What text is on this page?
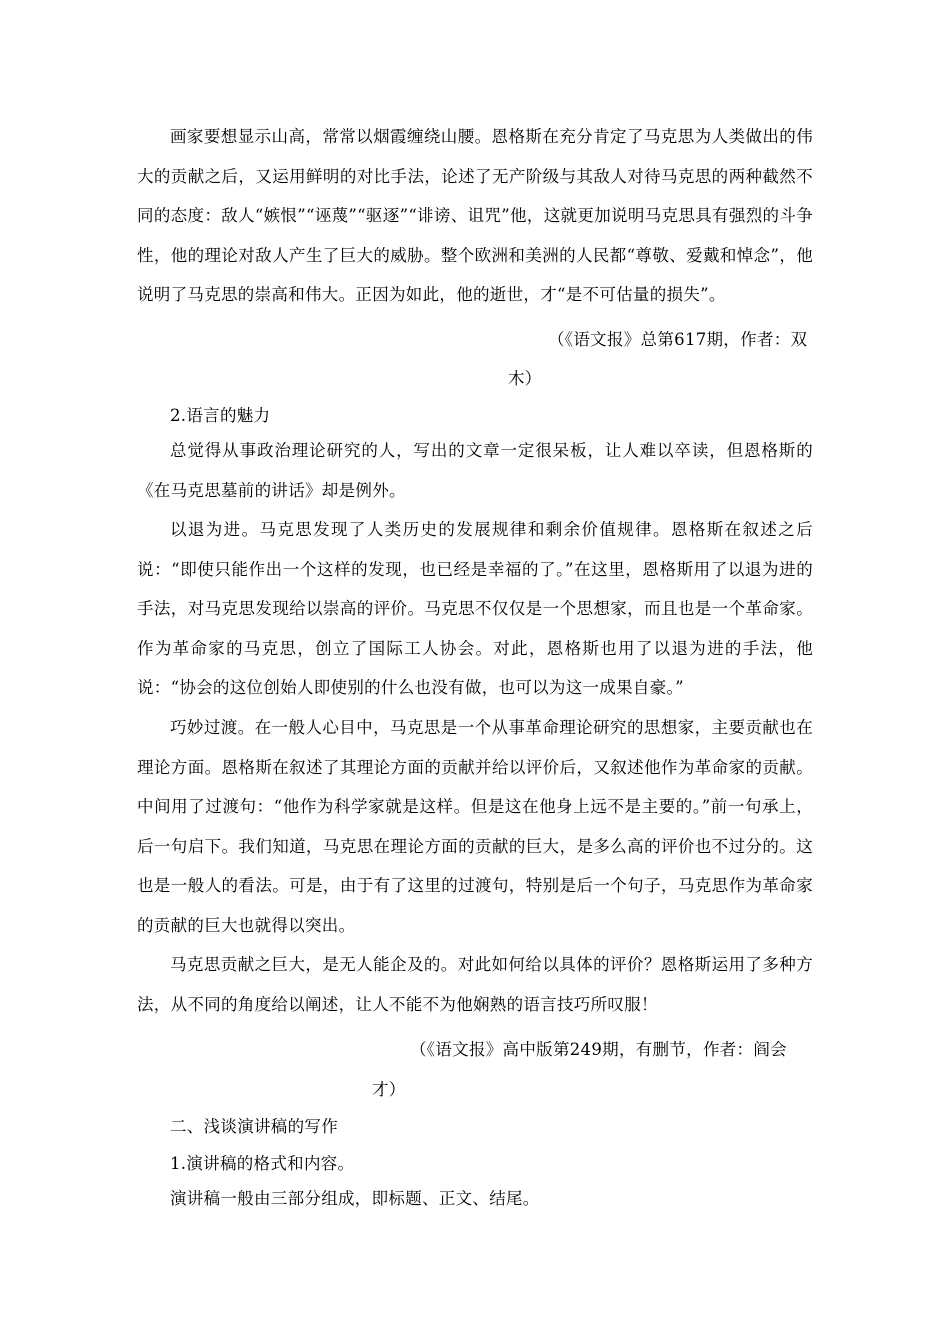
画家要想显示山高，常常以烟霞缠绕山腰。恩格斯在充分肯定了马克思为人类做出的伟大的贡献之后，又运用鲜明的对比手法，论述了无产阶级与其敌人对待马克思的两种截然不同的态度：敌人“嫉恨”“诬蔑”“驱逐”“诽谤、诅咒”他，这就更加说明马克思具有强烈的斗争性，他的理论对敌人产生了巨大的威胁。整个欧洲和美洲的人民都“尊敬、爱戴和悼念”，他说明了马克思的崇高和伟大。正因为如此，他的逝世，才“是不可估量的损失”。
（《语文报》总第617期，作者：双
木）
2.语言的魅力
总觉得从事政治理论研究的人，写出的文章一定很呆板，让人难以卒读，但恩格斯的《在马克思墓前的讲话》却是例外。
以退为进。马克思发现了人类历史的发展规律和剩余价值规律。恩格斯在叙述之后说：“即使只能作出一个这样的发现，也已经是幸福的了。”在这里，恩格斯用了以退为进的手法，对马克思发现给以崇高的评价。马克思不仅仅是一个思想家，而且也是一个革命家。作为革命家的马克思，创立了国际工人协会。对此，恩格斯也用了以退为进的手法，他说：“协会的这位创始人即使别的什么也没有做，也可以为这一成果自豪。”
巧妙过渡。在一般人心目中，马克思是一个从事革命理论研究的思想家，主要贡献也在理论方面。恩格斯在叙述了其理论方面的贡献并给以评价后，又叙述他作为革命家的贡献。中间用了过渡句：“他作为科学家就是这样。但是这在他身上远不是主要的。”前一句承上，后一句启下。我们知道，马克思在理论方面的贡献的巨大，是多么高的评价也不过分的。这也是一般人的看法。可是，由于有了这里的过渡句，特别是后一个句子，马克思作为革命家的贡献的巨大也就得以突出。
马克思贡献之巨大，是无人能企及的。对此如何给以具体的评价？恩格斯运用了多种方法，从不同的角度给以阐述，让人不能不为他娴熟的语言技巧所叹服！
（《语文报》高中版第249期，有删节，作者：阎会
才）
二、浅谈演讲稿的写作
1.演讲稿的格式和内容。
演讲稿一般由三部分组成，即标题、正文、结尾。
